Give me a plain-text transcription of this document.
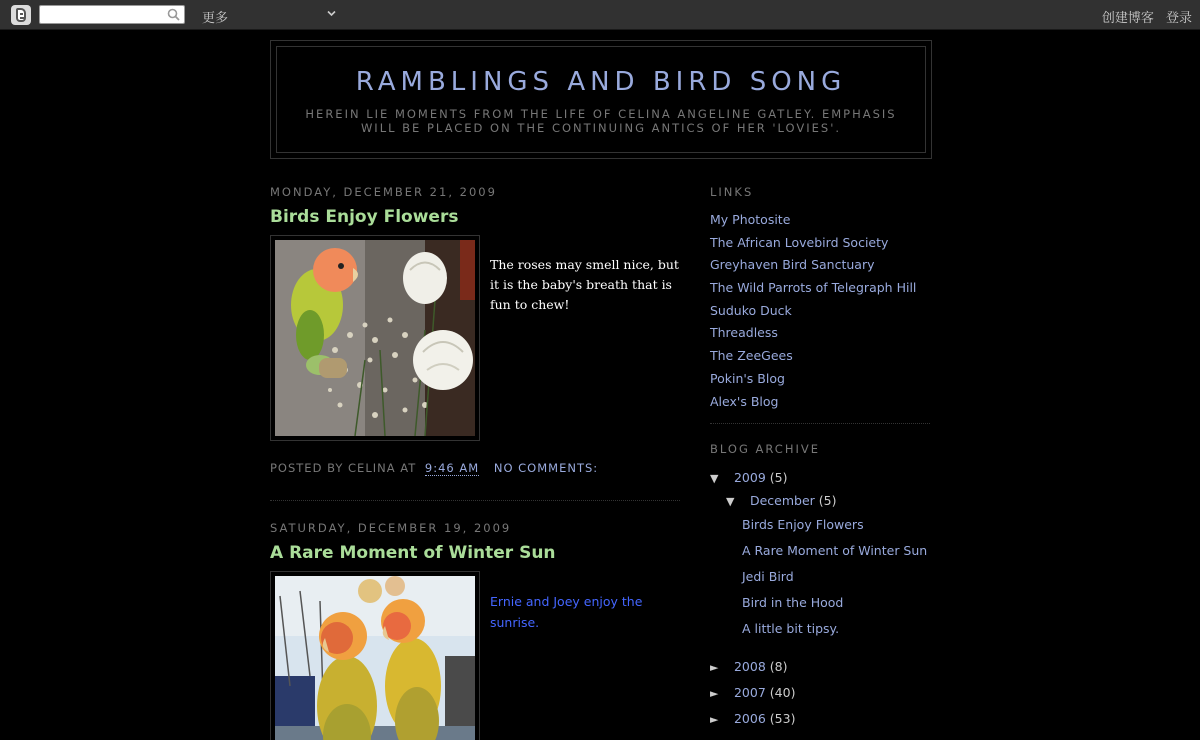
更多	创建博客 登录
RAMBLINGS AND BIRD SONG

HEREIN LIE MOMENTS FROM THE LIFE OF CELINA ANGELINE GATLEY. EMPHASIS WILL BE PLACED ON THE CONTINUING ANTICS OF HER 'LOVIES'.

MONDAY, DECEMBER 21, 2009
Birds Enjoy Flowers
The roses may smell nice, but it is the baby's breath that is fun to chew!
POSTED BY CELINA AT 9:46 AM NO COMMENTS:
SATURDAY, DECEMBER 19, 2009
A Rare Moment of Winter Sun
Ernie and Joey enjoy the sunrise.
LINKS
My Photosite
The African Lovebird Society
Greyhaven Bird Sanctuary
The Wild Parrots of Telegraph Hill
Suduko Duck
Threadless
The ZeeGees
Pokin's Blog
Alex's Blog
BLOG ARCHIVE
▼ 2009 (5)
▼ December (5)
Birds Enjoy Flowers
A Rare Moment of Winter Sun
Jedi Bird
Bird in the Hood
A little bit tipsy.
► 2008 (8)
► 2007 (40)
► 2006 (53)
